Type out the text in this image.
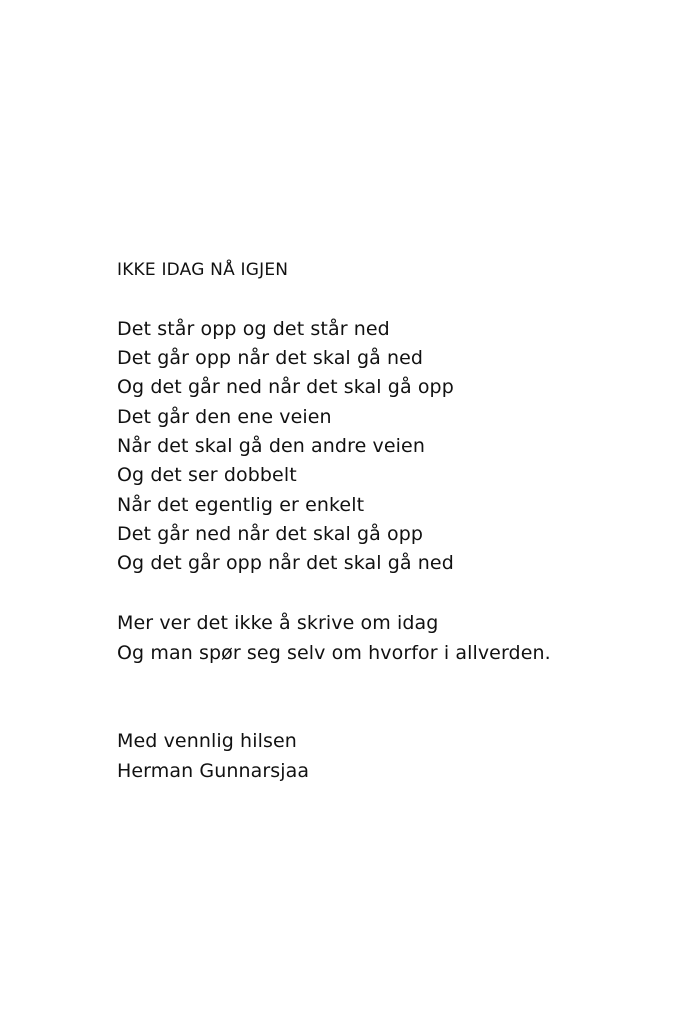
IKKE IDAG NÅ IGJEN
Det står opp og det står ned
Det går opp når det skal gå ned
Og det går ned når det skal gå opp
Det går den ene veien
Når det skal gå den andre veien
Og det ser dobbelt
Når det egentlig er enkelt
Det går ned når det skal gå opp
Og det går opp når det skal gå ned
Mer ver det ikke å skrive om idag
Og man spør seg selv om hvorfor i allverden.
Med vennlig hilsen
Herman Gunnarsjaa
